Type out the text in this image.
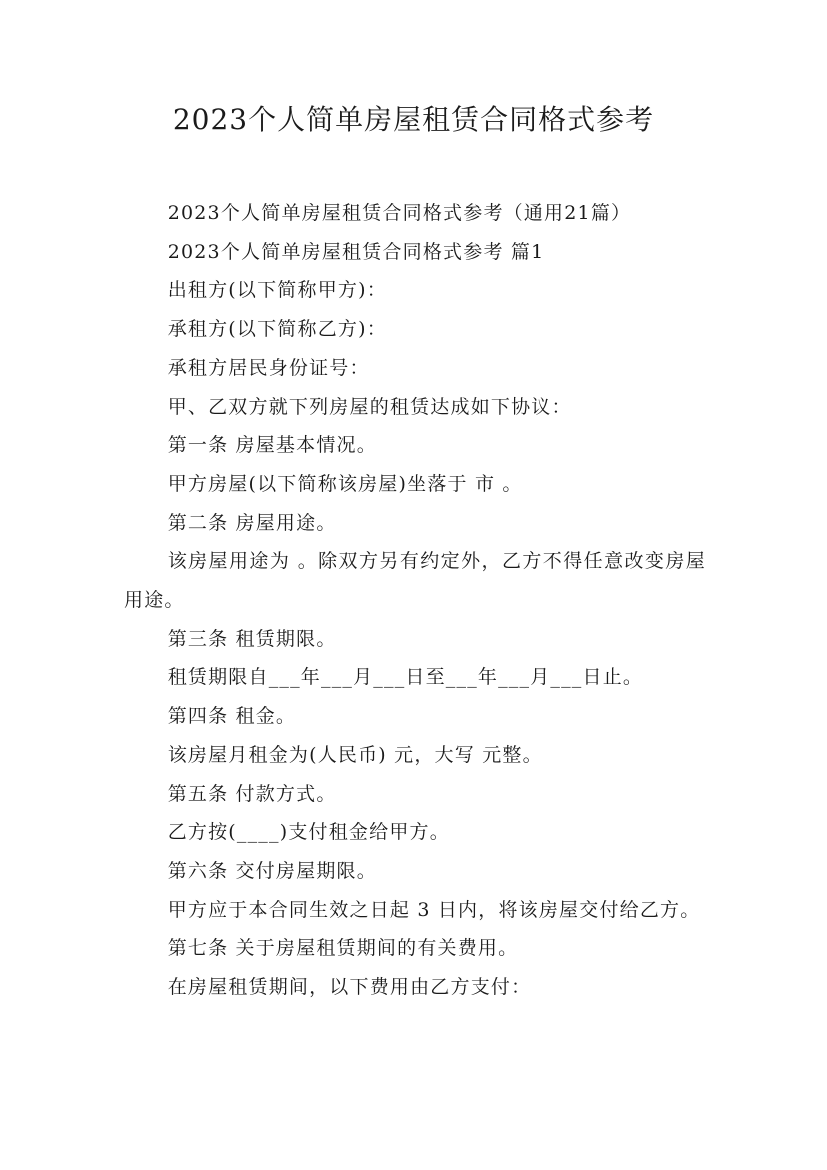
2023个人简单房屋租赁合同格式参考

2023个人简单房屋租赁合同格式参考（通用21篇）

2023个人简单房屋租赁合同格式参考 篇1

出租方(以下简称甲方)：

承租方(以下简称乙方)：

承租方居民身份证号：

甲、乙双方就下列房屋的租赁达成如下协议：

第一条 房屋基本情况。

甲方房屋(以下简称该房屋)坐落于 市 。

第二条 房屋用途。

该房屋用途为 。除双方另有约定外，乙方不得任意改变房屋用途。

第三条 租赁期限。

租赁期限自___年___月___日至___年___月___日止。

第四条 租金。

该房屋月租金为(人民币) 元，大写 元整。

第五条 付款方式。

乙方按(____)支付租金给甲方。

第六条 交付房屋期限。

甲方应于本合同生效之日起 3 日内，将该房屋交付给乙方。

第七条 关于房屋租赁期间的有关费用。

在房屋租赁期间，以下费用由乙方支付：
